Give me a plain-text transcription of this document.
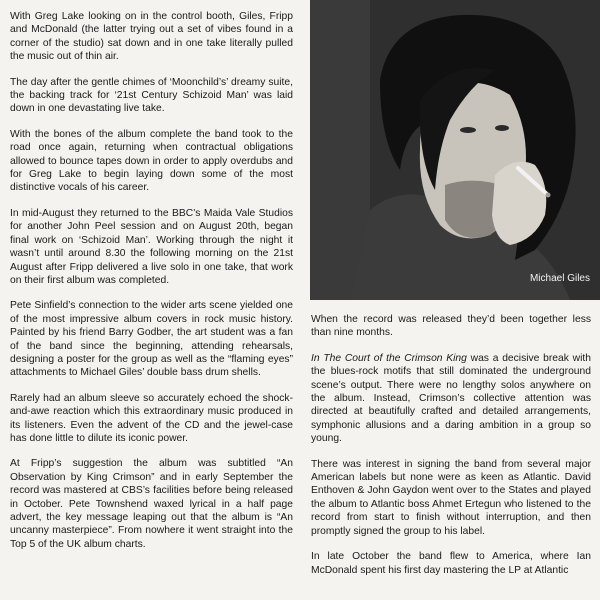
With Greg Lake looking on in the control booth, Giles, Fripp and McDonald (the latter trying out a set of vibes found in a corner of the studio) sat down and in one take literally pulled the music out of thin air.

The day after the gentle chimes of ‘Moonchild’s’ dreamy suite, the backing track for ‘21st Century Schizoid Man’ was laid down in one devastating live take.

With the bones of the album complete the band took to the road once again, returning when contractual obligations allowed to bounce tapes down in order to apply overdubs and for Greg Lake to begin laying down some of the most distinctive vocals of his career.

In mid-August they returned to the BBC’s Maida Vale Studios for another John Peel session and on August 20th, began final work on ‘Schizoid Man’. Working through the night it wasn’t until around 8.30 the following morning on the 21st August after Fripp delivered a live solo in one take, that work on their first album was completed.

Pete Sinfield’s connection to the wider arts scene yielded one of the most impressive album covers in rock music history. Painted by his friend Barry Godber, the art student was a fan of the band since the beginning, attending rehearsals, designing a poster for the group as well as the “flaming eyes” attachments to Michael Giles’ double bass drum shells.

Rarely had an album sleeve so accurately echoed the shock-and-awe reaction which this extraordinary music produced in its listeners. Even the advent of the CD and the jewel-case has done little to dilute its iconic power.

At Fripp’s suggestion the album was subtitled “An Observation by King Crimson” and in early September the record was mastered at CBS’s facilities before being released in October. Pete Townshend waxed lyrical in a half page advert, the key message leaping out that the album is “An uncanny masterpiece”. From nowhere it went straight into the Top 5 of the UK album charts.

Michael Giles

When the record was released they’d been together less than nine months.

In The Court of the Crimson King was a decisive break with the blues-rock motifs that still dominated the underground scene’s output. There were no lengthy solos anywhere on the album. Instead, Crimson’s collective attention was directed at beautifully crafted and detailed arrangements, symphonic allusions and a daring ambition in a group so young.

There was interest in signing the band from several major American labels but none were as keen as Atlantic. David Enthoven & John Gaydon went over to the States and played the album to Atlantic boss Ahmet Ertegun who listened to the record from start to finish without interruption, and then promptly signed the group to his label.

In late October the band flew to America, where Ian McDonald spent his first day mastering the LP at Atlantic
